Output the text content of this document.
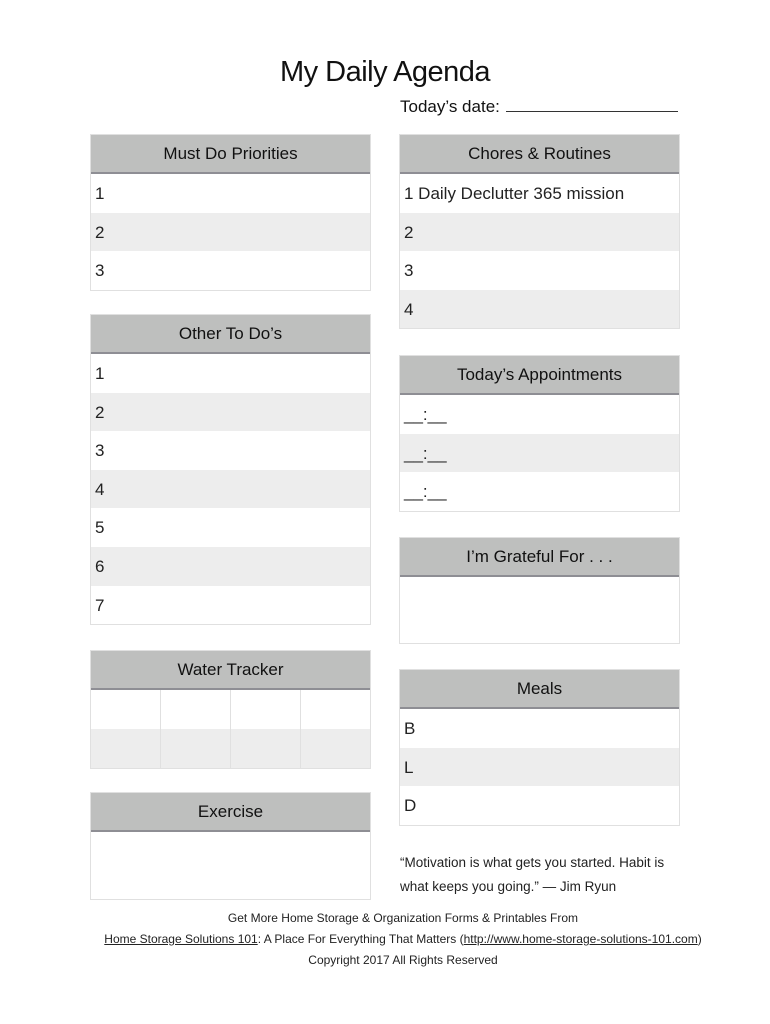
My Daily Agenda
Today’s date:
Must Do Priorities
1
2
3
Other To Do’s
1
2
3
4
5
6
7
Water Tracker
Exercise
Chores & Routines
1 Daily Declutter 365 mission
2
3
4
Today’s Appointments
__:__
__:__
__:__
I’m Grateful For . . .
Meals
B
L
D
“Motivation is what gets you started. Habit is what keeps you going.” — Jim Ryun
Get More Home Storage & Organization Forms & Printables From
Home Storage Solutions 101: A Place For Everything That Matters (http://www.home-storage-solutions-101.com)
Copyright 2017 All Rights Reserved
